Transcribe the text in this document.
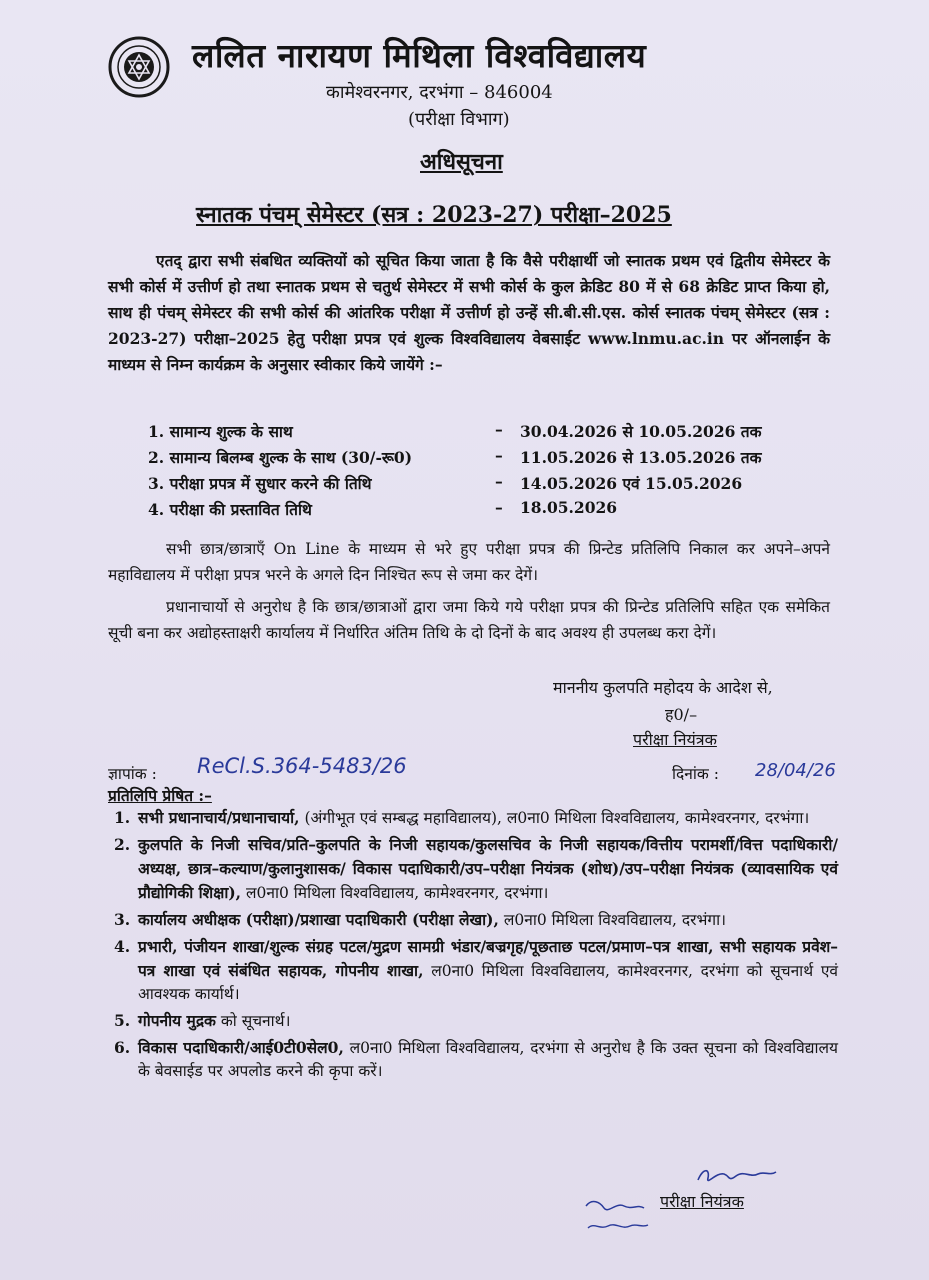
ललित नारायण मिथिला विश्वविद्यालय
कामेश्वरनगर, दरभंगा – 846004
(परीक्षा विभाग)
अधिसूचना
स्नातक पंचम् सेमेस्टर (सत्र : 2023-27) परीक्षा–2025
एतद् द्वारा सभी संबधित व्यक्तियों को सूचित किया जाता है कि वैसे परीक्षार्थी जो स्नातक प्रथम एवं द्वितीय सेमेस्टर के सभी कोर्स में उत्तीर्ण हो तथा स्नातक प्रथम से चतुर्थ सेमेस्टर में सभी कोर्स के कुल क्रेडिट 80 में से 68 क्रेडिट प्राप्त किया हो, साथ ही पंचम् सेमेस्टर की सभी कोर्स की आंतरिक परीक्षा में उत्तीर्ण हो उन्हें सी.बी.सी.एस. कोर्स स्नातक पंचम् सेमेस्टर (सत्र : 2023-27) परीक्षा–2025 हेतु परीक्षा प्रपत्र एवं शुल्क विश्वविद्यालय वेबसाईट www.lnmu.ac.in पर ऑनलाईन के माध्यम से निम्न कार्यक्रम के अनुसार स्वीकार किये जायेंगे :–
1. सामान्य शुल्क के साथ	– 30.04.2026 से 10.05.2026 तक
2. सामान्य बिलम्ब शुल्क के साथ (30/-रू0)	– 11.05.2026 से 13.05.2026 तक
3. परीक्षा प्रपत्र में सुधार करने की तिथि	– 14.05.2026 एवं 15.05.2026
4. परीक्षा की प्रस्तावित तिथि	– 18.05.2026
सभी छात्र/छात्राएँ On Line के माध्यम से भरे हुए परीक्षा प्रपत्र की प्रिन्टेड प्रतिलिपि निकाल कर अपने–अपने महाविद्यालय में परीक्षा प्रपत्र भरने के अगले दिन निश्चित रूप से जमा कर देगें।
प्रधानाचार्यो से अनुरोध है कि छात्र/छात्राओं द्वारा जमा किये गये परीक्षा प्रपत्र की प्रिन्टेड प्रतिलिपि सहित एक समेकित सूची बना कर अद्योहस्ताक्षरी कार्यालय में निर्धारित अंतिम तिथि के दो दिनों के बाद अवश्य ही उपलब्ध करा देगें।
माननीय कुलपति महोदय के आदेश से,
ह0/–
परीक्षा नियंत्रक
ज्ञापांक : ReCl.S.364-5483/26	दिनांक : 28/04/26
प्रतिलिपि प्रेषित :–
1. सभी प्रधानाचार्य/प्रधानाचार्या, (अंगीभूत एवं सम्बद्ध महाविद्यालय), ल0ना0 मिथिला विश्वविद्यालय, कामेश्वरनगर, दरभंगा।
2. कुलपति के निजी सचिव/प्रति–कुलपति के निजी सहायक/कुलसचिव के निजी सहायक/वित्तीय परामर्शी/वित्त पदाधिकारी/अध्यक्ष, छात्र–कल्याण/कुलानुशासक/ विकास पदाधिकारी/उप–परीक्षा नियंत्रक (शोध)/उप–परीक्षा नियंत्रक (व्यावसायिक एवं प्रौद्योगिकी शिक्षा), ल0ना0 मिथिला विश्वविद्यालय, कामेश्वरनगर, दरभंगा।
3. कार्यालय अधीक्षक (परीक्षा)/प्रशाखा पदाधिकारी (परीक्षा लेखा), ल0ना0 मिथिला विश्वविद्यालय, दरभंगा।
4. प्रभारी, पंजीयन शाखा/शुल्क संग्रह पटल/मुद्रण सामग्री भंडार/बज्रगृह/पूछताछ पटल/प्रमाण–पत्र शाखा, सभी सहायक प्रवेश–पत्र शाखा एवं संबंधित सहायक, गोपनीय शाखा, ल0ना0 मिथिला विश्वविद्यालय, कामेश्वरनगर, दरभंगा को सूचनार्थ एवं आवश्यक कार्यार्थ।
5. गोपनीय मुद्रक को सूचनार्थ।
6. विकास पदाधिकारी/आई0टी0सेल0, ल0ना0 मिथिला विश्वविद्यालय, दरभंगा से अनुरोध है कि उक्त सूचना को विश्वविद्यालय के बेवसाईड पर अपलोड करने की कृपा करें।
परीक्षा नियंत्रक
